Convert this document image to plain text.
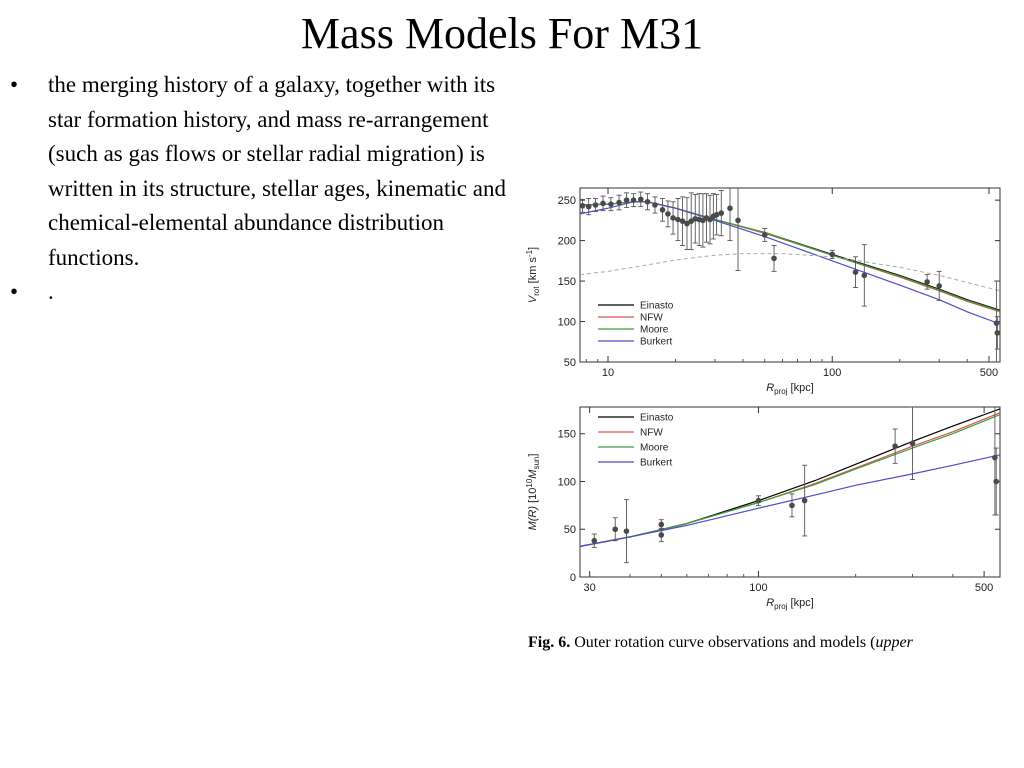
Mass Models For M31
• the merging history of a galaxy, together with its star formation history, and mass re-arrangement (such as gas flows or stellar radial migration) is written in its structure, stellar ages, kinematic and chemical-elemental abundance distribution functions.
• .
50
100
150
200
250
10	100	500
$R_{proj}$ [kpc]
$V_{rot}$ [km $s^{-1}$]
Einasto
NFW
Moore
Burkert
0
50
100
150
30	100	500
$R_{proj}$ [kpc]
M(R) $[10^{10}M_{sun}]$
Einasto
NFW
Moore
Burkert
Fig. 6. Outer rotation curve observations and models (upper
